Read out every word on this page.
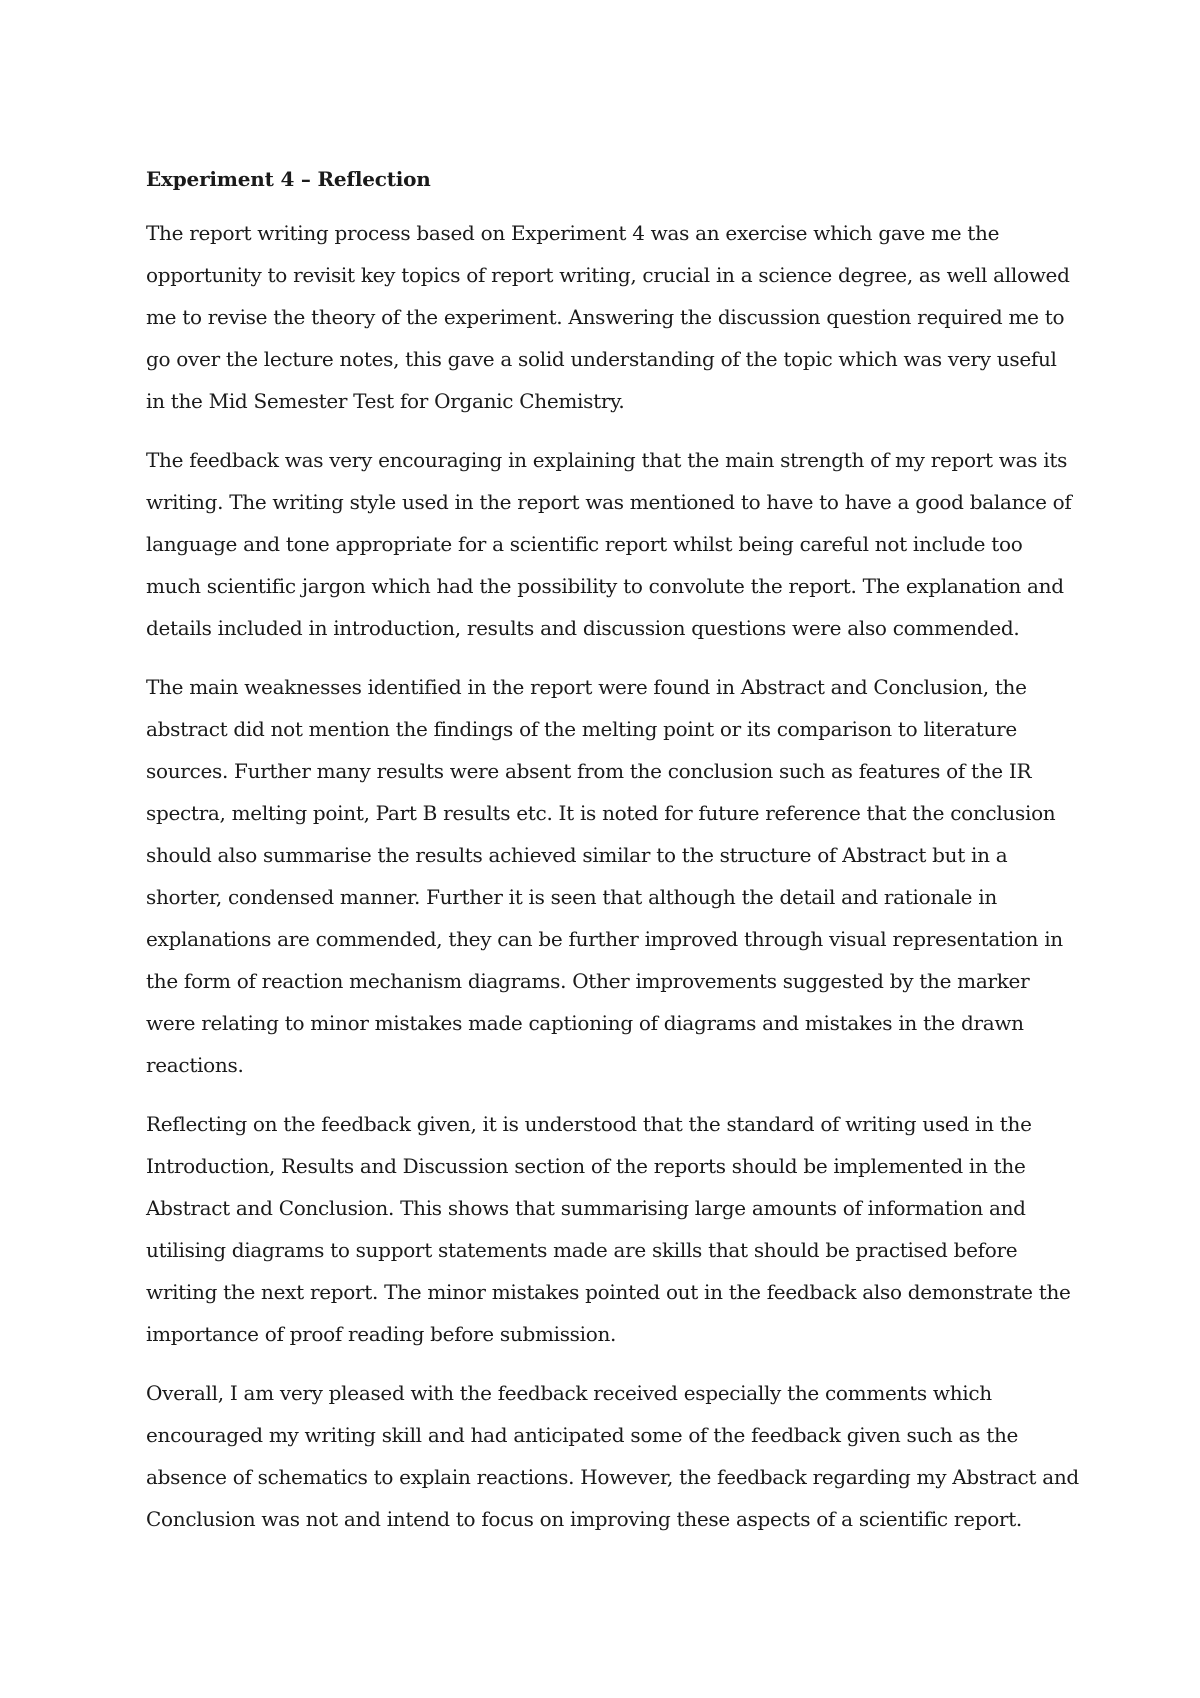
Experiment 4 – Reflection

The report writing process based on Experiment 4 was an exercise which gave me the opportunity to revisit key topics of report writing, crucial in a science degree, as well allowed me to revise the theory of the experiment. Answering the discussion question required me to go over the lecture notes, this gave a solid understanding of the topic which was very useful in the Mid Semester Test for Organic Chemistry.

The feedback was very encouraging in explaining that the main strength of my report was its writing. The writing style used in the report was mentioned to have to have a good balance of language and tone appropriate for a scientific report whilst being careful not include too much scientific jargon which had the possibility to convolute the report. The explanation and details included in introduction, results and discussion questions were also commended.

The main weaknesses identified in the report were found in Abstract and Conclusion, the abstract did not mention the findings of the melting point or its comparison to literature sources. Further many results were absent from the conclusion such as features of the IR spectra, melting point, Part B results etc. It is noted for future reference that the conclusion should also summarise the results achieved similar to the structure of Abstract but in a shorter, condensed manner. Further it is seen that although the detail and rationale in explanations are commended, they can be further improved through visual representation in the form of reaction mechanism diagrams. Other improvements suggested by the marker were relating to minor mistakes made captioning of diagrams and mistakes in the drawn reactions.

Reflecting on the feedback given, it is understood that the standard of writing used in the Introduction, Results and Discussion section of the reports should be implemented in the Abstract and Conclusion. This shows that summarising large amounts of information and utilising diagrams to support statements made are skills that should be practised before writing the next report. The minor mistakes pointed out in the feedback also demonstrate the importance of proof reading before submission.

Overall, I am very pleased with the feedback received especially the comments which encouraged my writing skill and had anticipated some of the feedback given such as the absence of schematics to explain reactions. However, the feedback regarding my Abstract and Conclusion was not and intend to focus on improving these aspects of a scientific report.
